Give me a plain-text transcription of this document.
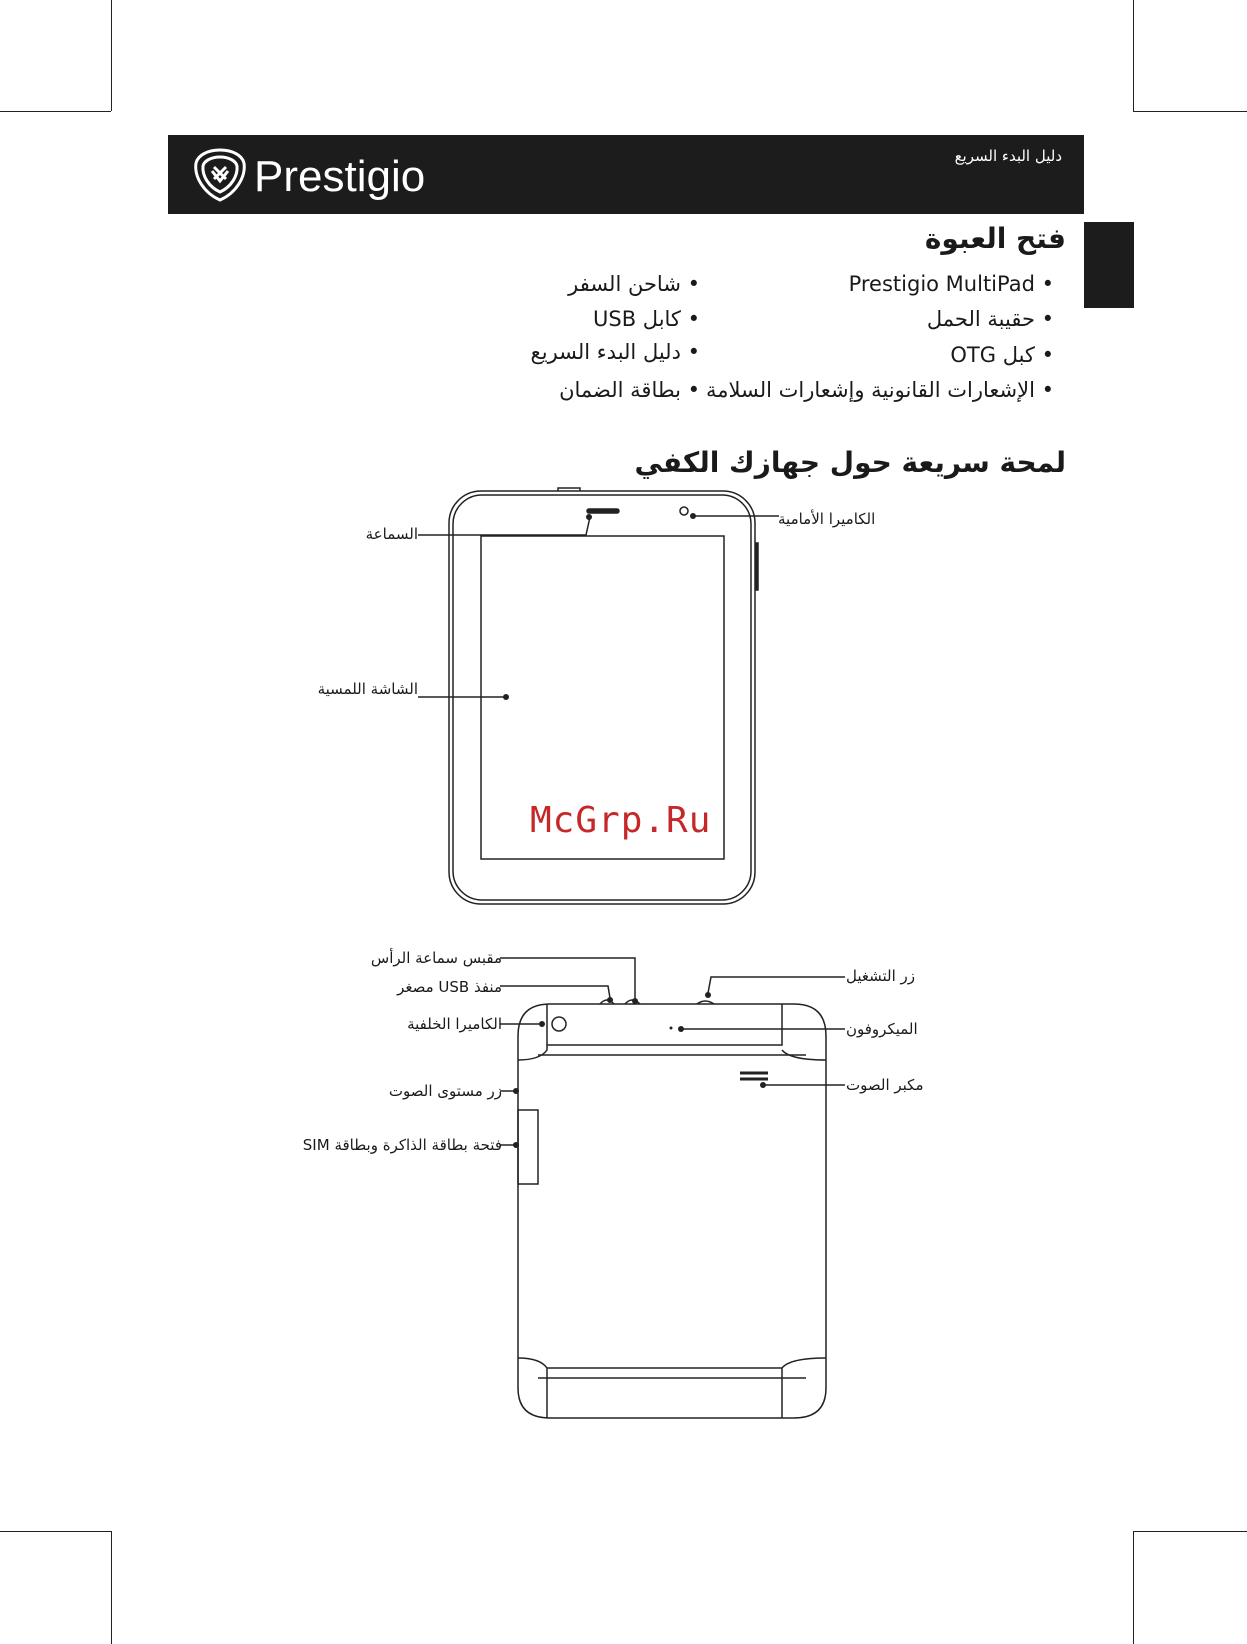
Prestigio	دليل البدء السريع
فتح العبوة
• Prestigio MultiPad
• حقيبة الحمل
• كبل OTG
• الإشعارات القانونية وإشعارات السلامة
• شاحن السفر
• كابل USB
• دليل البدء السريع
• بطاقة الضمان
لمحة سريعة حول جهازك الكفي
السماعة
الكاميرا الأمامية
الشاشة اللمسية
مقبس سماعة الرأس
منفذ USB مصغر
الكاميرا الخلفية
زر مستوى الصوت
فتحة بطاقة الذاكرة وبطاقة SIM
زر التشغيل
الميكروفون
مكبر الصوت
McGrp.Ru
